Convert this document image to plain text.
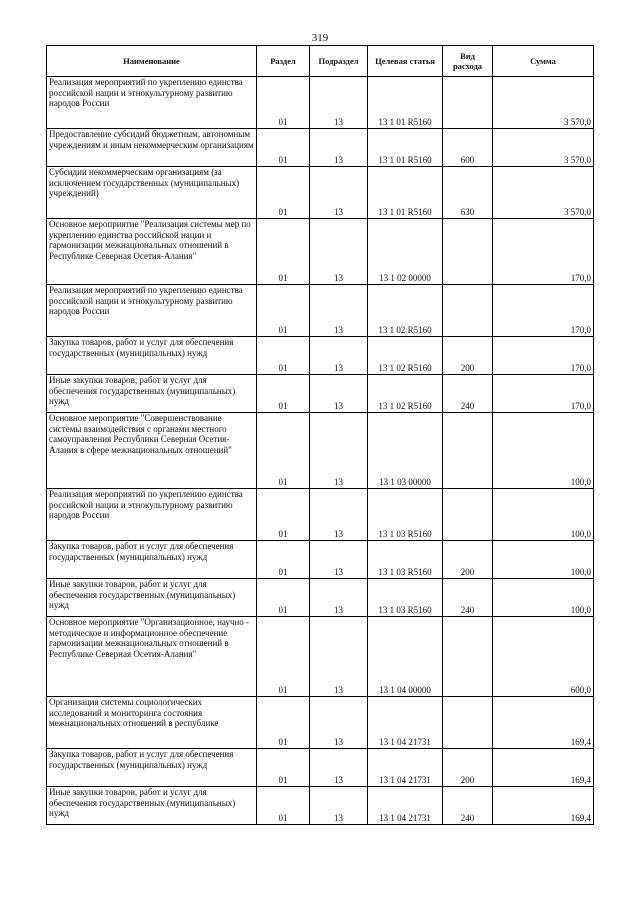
319
Наименование	Раздел	Подраздел	Целевая статья	Вид расхода	Сумма
Реализация мероприятий по укреплению единства российской нации и этнокультурному развитию народов России	01	13	13 1 01 R5160		3 570,0
Предоставление субсидий бюджетным, автономным учреждениям и иным некоммерческим организациям	01	13	13 1 01 R5160	600	3 570,0
Субсидии некоммерческим организациям (за исключением государственных (муниципальных) учреждений)	01	13	13 1 01 R5160	630	3 570,0
Основное мероприятие "Реализация системы мер по укреплению единства российской нации и гармонизации межнациональных отношений в Республике Северная Осетия-Алания"	01	13	13 1 02 00000		170,0
Реализация мероприятий по укреплению единства российской нации и этнокультурному развитию народов России	01	13	13 1 02 R5160		170,0
Закупка товаров, работ и услуг для обеспечения государственных (муниципальных) нужд	01	13	13 1 02 R5160	200	170,0
Иные закупки товаров, работ и услуг для обеспечения государственных (муниципальных) нужд	01	13	13 1 02 R5160	240	170,0
Основное мероприятие "Совершенствование системы взаимодействия с органами местного самоуправления Республики Северная Осетия-Алания в сфере межнациональных отношений"	01	13	13 1 03 00000		100,0
Реализация мероприятий по укреплению единства российской нации и этнокультурному развитию народов России	01	13	13 1 03 R5160		100,0
Закупка товаров, работ и услуг для обеспечения государственных (муниципальных) нужд	01	13	13 1 03 R5160	200	100,0
Иные закупки товаров, работ и услуг для обеспечения государственных (муниципальных) нужд	01	13	13 1 03 R5160	240	100,0
Основное мероприятие "Организационное, научно - методическое и информационное обеспечение гармонизации межнациональных отношений в Республике Северная Осетия-Алания"	01	13	13 1 04 00000		600,0
Организация системы социологических исследований и мониторинга состояния межнациональных отношений в республике	01	13	13 1 04 21731		169,4
Закупка товаров, работ и услуг для обеспечения государственных (муниципальных) нужд	01	13	13 1 04 21731	200	169,4
Иные закупки товаров, работ и услуг для обеспечения государственных (муниципальных) нужд	01	13	13 1 04 21731	240	169,4
